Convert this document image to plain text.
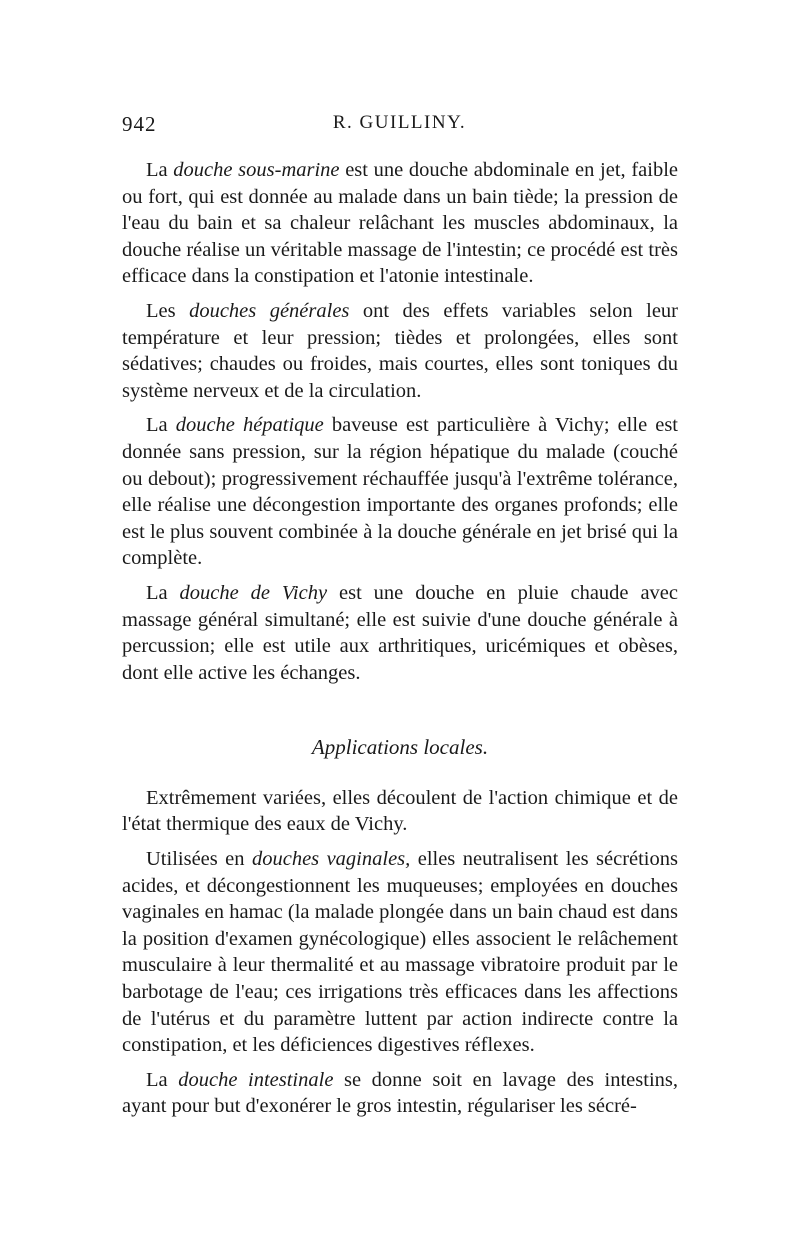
942	R. GUILLINY.

La douche sous-marine est une douche abdominale en jet, faible ou fort, qui est donnée au malade dans un bain tiède; la pression de l'eau du bain et sa chaleur relâchant les muscles abdominaux, la douche réalise un véritable massage de l'intestin; ce procédé est très efficace dans la constipation et l'atonie intestinale.

Les douches générales ont des effets variables selon leur température et leur pression; tièdes et prolongées, elles sont sédatives; chaudes ou froides, mais courtes, elles sont toniques du système nerveux et de la circulation.

La douche hépatique baveuse est particulière à Vichy; elle est donnée sans pression, sur la région hépatique du malade (couché ou debout); progressivement réchauffée jusqu'à l'extrême tolérance, elle réalise une décongestion importante des organes profonds; elle est le plus souvent combinée à la douche générale en jet brisé qui la complète.

La douche de Vichy est une douche en pluie chaude avec massage général simultané; elle est suivie d'une douche générale à percussion; elle est utile aux arthritiques, uricémiques et obèses, dont elle active les échanges.

Applications locales.

Extrêmement variées, elles découlent de l'action chimique et de l'état thermique des eaux de Vichy.

Utilisées en douches vaginales, elles neutralisent les sécrétions acides, et décongestionnent les muqueuses; employées en douches vaginales en hamac (la malade plongée dans un bain chaud est dans la position d'examen gynécologique) elles associent le relâchement musculaire à leur thermalité et au massage vibratoire produit par le barbotage de l'eau; ces irrigations très efficaces dans les affections de l'utérus et du paramètre luttent par action indirecte contre la constipation, et les déficiences digestives réflexes.

La douche intestinale se donne soit en lavage des intestins, ayant pour but d'exonérer le gros intestin, régulariser les sécré-
